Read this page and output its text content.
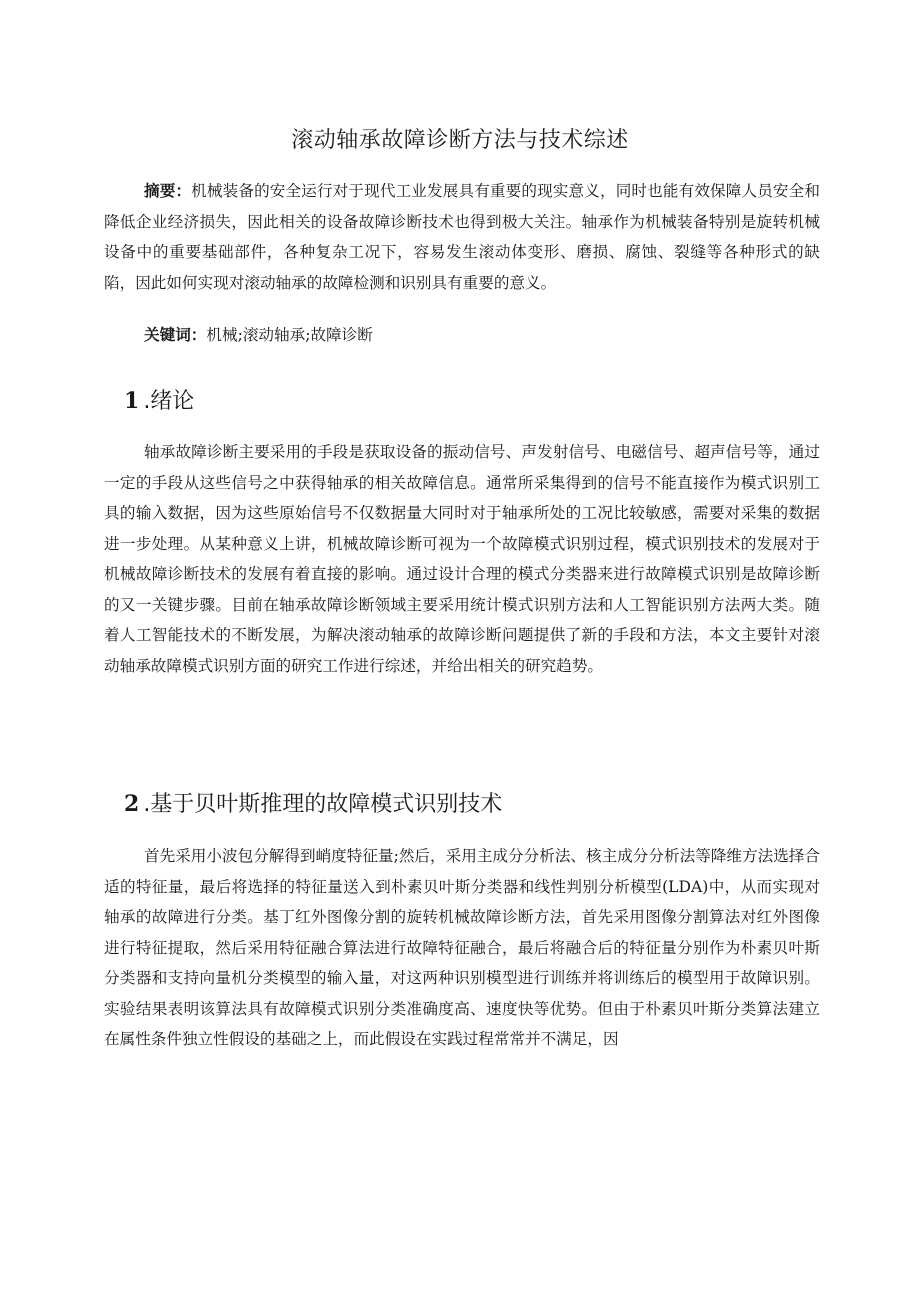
滚动轴承故障诊断方法与技术综述

摘要：机械装备的安全运行对于现代工业发展具有重要的现实意义，同时也能有效保障人员安全和降低企业经济损失，因此相关的设备故障诊断技术也得到极大关注。轴承作为机械装备特别是旋转机械设备中的重要基础部件，各种复杂工况下，容易发生滚动体变形、磨损、腐蚀、裂缝等各种形式的缺陷，因此如何实现对滚动轴承的故障检测和识别具有重要的意义。

关键词：机械;滚动轴承;故障诊断

1 .绪论

轴承故障诊断主要采用的手段是获取设备的振动信号、声发射信号、电磁信号、超声信号等，通过一定的手段从这些信号之中获得轴承的相关故障信息。通常所采集得到的信号不能直接作为模式识别工具的输入数据，因为这些原始信号不仅数据量大同时对于轴承所处的工况比较敏感，需要对采集的数据进一步处理。从某种意义上讲，机械故障诊断可视为一个故障模式识别过程，模式识别技术的发展对于机械故障诊断技术的发展有着直接的影响。通过设计合理的模式分类器来进行故障模式识别是故障诊断的又一关键步骤。目前在轴承故障诊断领域主要采用统计模式识别方法和人工智能识别方法两大类。随着人工智能技术的不断发展，为解决滚动轴承的故障诊断问题提供了新的手段和方法，本文主要针对滚动轴承故障模式识别方面的研究工作进行综述，并给出相关的研究趋势。

2 .基于贝叶斯推理的故障模式识别技术

首先采用小波包分解得到峭度特征量;然后，采用主成分分析法、核主成分分析法等降维方法选择合适的特征量，最后将选择的特征量送入到朴素贝叶斯分类器和线性判别分析模型(LDA)中，从而实现对轴承的故障进行分类。基丁红外图像分割的旋转机械故障诊断方法，首先采用图像分割算法对红外图像进行特征提取，然后采用特征融合算法进行故障特征融合，最后将融合后的特征量分别作为朴素贝叶斯分类器和支持向量机分类模型的输入量，对这两种识别模型进行训练并将训练后的模型用于故障识别。实验结果表明该算法具有故障模式识别分类准确度高、速度快等优势。但由于朴素贝叶斯分类算法建立在属性条件独立性假设的基础之上，而此假设在实践过程常常并不满足，因
